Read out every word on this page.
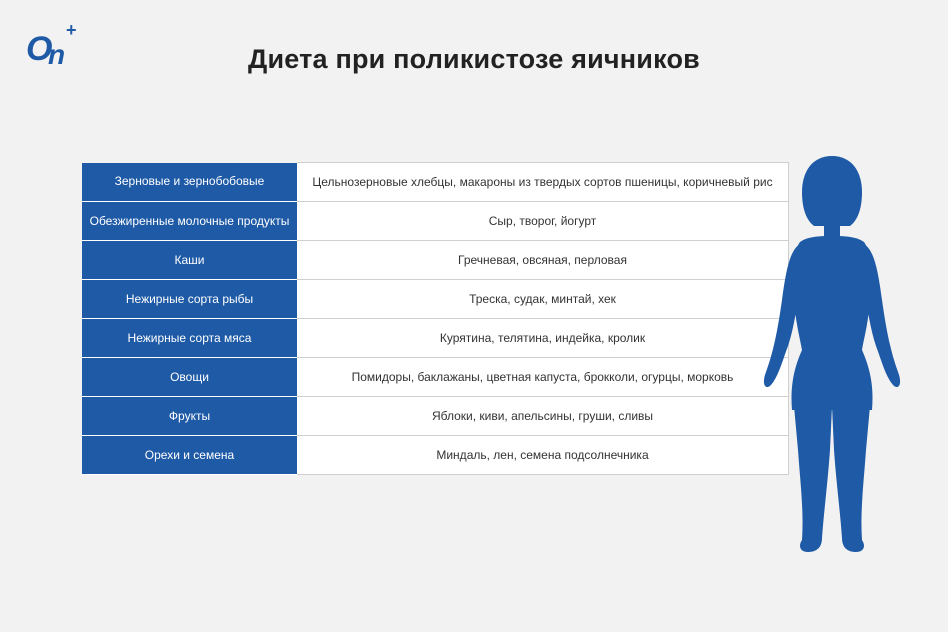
O
n
+
Диета при поликистозе яичников
Зерновые и зернобобовые	Цельнозерновые хлебцы, макароны из твердых сортов пшеницы, коричневый рис
Обезжиренные молочные продукты	Сыр, творог, йогурт
Каши	Гречневая, овсяная, перловая
Нежирные сорта рыбы	Треска, судак, минтай, хек
Нежирные сорта мяса	Курятина, телятина, индейка, кролик
Овощи	Помидоры, баклажаны, цветная капуста, брокколи, огурцы, морковь
Фрукты	Яблоки, киви, апельсины, груши, сливы
Орехи и семена	Миндаль, лен, семена подсолнечника
